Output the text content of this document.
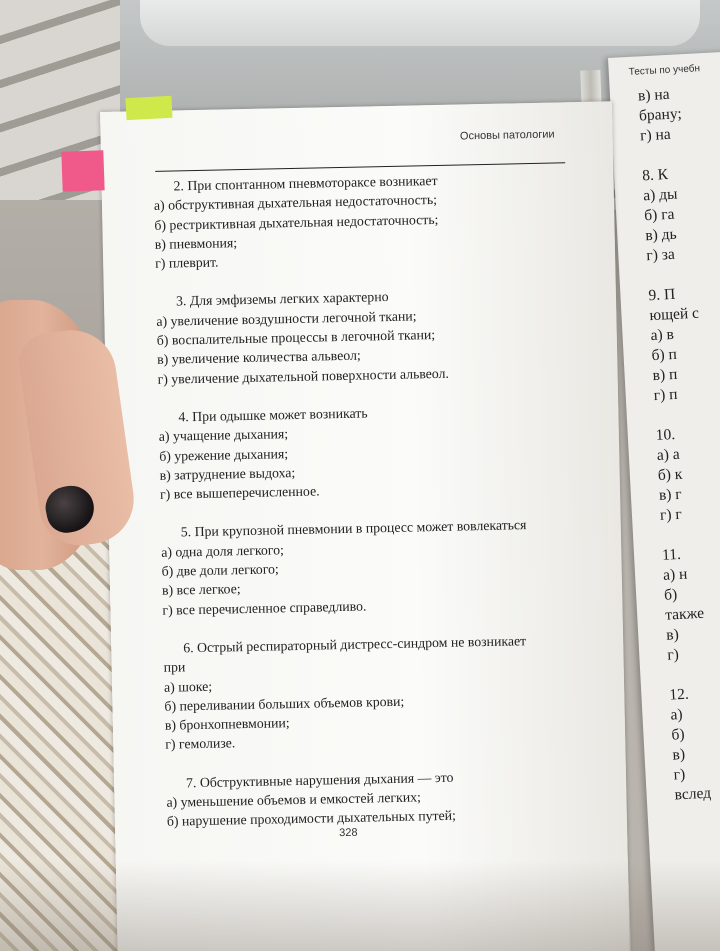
Тесты по учебн
в) на
брану;
г) на
8. К
а) ды
б) га
в) дь
г) за
9. П
ющей с
а) в
б) п
в) п
г) п
10.
а) а
б) к
в) г
г) г
11.
а) н
б)
также
в)
г)
12.
а)
б)
в)
г)
вслед
Основы патологии
2. При спонтанном пневмотораксе возникает
а) обструктивная дыхательная недостаточность;
б) рестриктивная дыхательная недостаточность;
в) пневмония;
г) плеврит.
3. Для эмфиземы легких характерно
а) увеличение воздушности легочной ткани;
б) воспалительные процессы в легочной ткани;
в) увеличение количества альвеол;
г) увеличение дыхательной поверхности альвеол.
4. При одышке может возникать
а) учащение дыхания;
б) урежение дыхания;
в) затруднение выдоха;
г) все вышеперечисленное.
5. При крупозной пневмонии в процесс может вовлекаться
а) одна доля легкого;
б) две доли легкого;
в) все легкое;
г) все перечисленное справедливо.
6. Острый респираторный дистресс-синдром не возникает
при
а) шоке;
б) переливании больших объемов крови;
в) бронхопневмонии;
г) гемолизе.
7. Обструктивные нарушения дыхания — это
а) уменьшение объемов и емкостей легких;
б) нарушение проходимости дыхательных путей;
328
